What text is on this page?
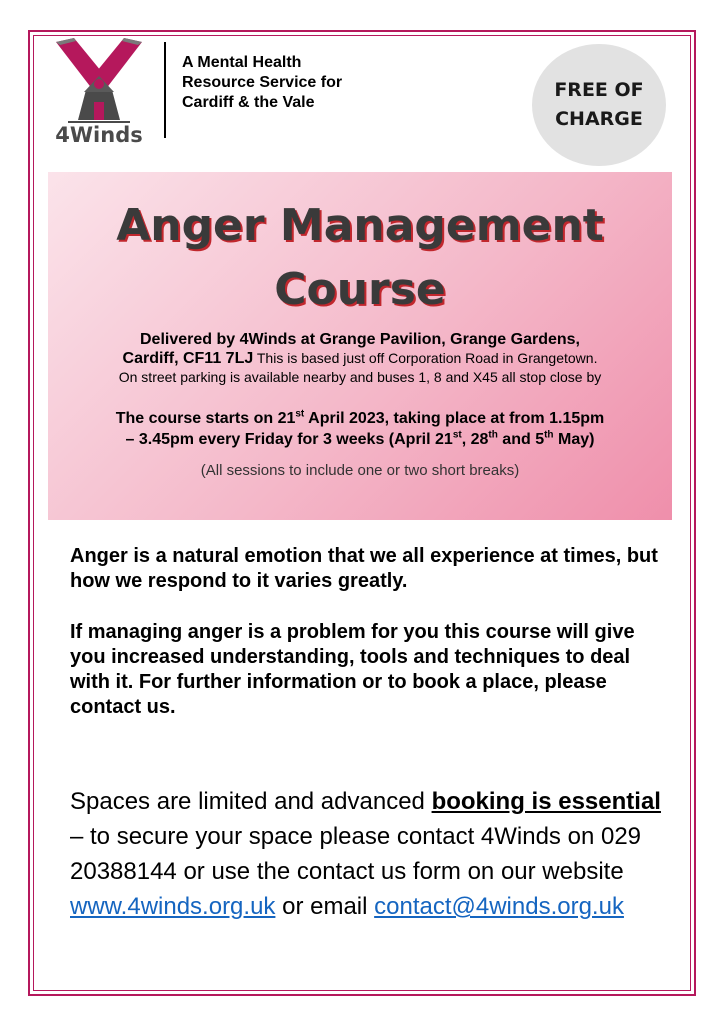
4Winds
A Mental Health
Resource Service for
Cardiff & the Vale
FREE OF
CHARGE
Anger Management
Course
Delivered by 4Winds at Grange Pavilion, Grange Gardens,
Cardiff, CF11 7LJ This is based just off Corporation Road in Grangetown.
On street parking is available nearby and buses 1, 8 and X45 all stop close by
The course starts on 21st April 2023, taking place at from 1.15pm
– 3.45pm every Friday for 3 weeks (April 21st, 28th and 5th May)
(All sessions to include one or two short breaks)
Anger is a natural emotion that we all experience at times, but how we respond to it varies greatly.
If managing anger is a problem for you this course will give you increased understanding, tools and techniques to deal with it. For further information or to book a place, please contact us.
Spaces are limited and advanced booking is essential – to secure your space please contact 4Winds on 029 20388144 or use the contact us form on our website www.4winds.org.uk or email contact@4winds.org.uk
